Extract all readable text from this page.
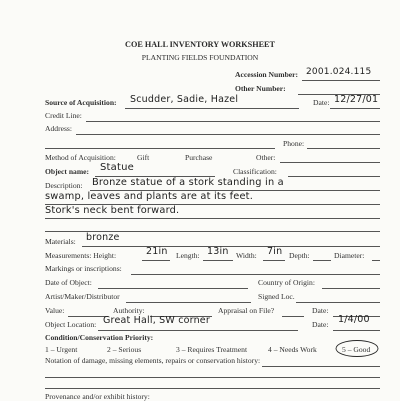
COE HALL INVENTORY WORKSHEET
PLANTING FIELDS FOUNDATION
Accession Number: 2001.024.115
Other Number:
Source of Acquisition: Scudder, Sadie, Hazel	Date: 12/27/01
Credit Line:
Address:
Phone:
Method of Acquisition:	Gift	Purchase	Other:
Object name: Statue	Classification:
Description: Bronze statue of a stork standing in a
swamp, leaves and plants are at its feet.
Stork's neck bent forward.
Materials: bronze
Measurements: Height:	21in Length: 13in Width: 7in Depth:	Diameter:
Markings or inscriptions:
Date of Object:	Country of Origin:
Artist/Maker/Distributor	Signed Loc.
Value:	Authority:	Appraisal on File?	Date:
Object Location: Great Hall, SW corner	Date: 1/4/00
Condition/Conservation Priority:
1 – Urgent	2 – Serious	3 – Requires Treatment	4 – Needs Work	5 – Good
Notation of damage, missing elements, repairs or conservation history:
Provenance and/or exhibit history:
